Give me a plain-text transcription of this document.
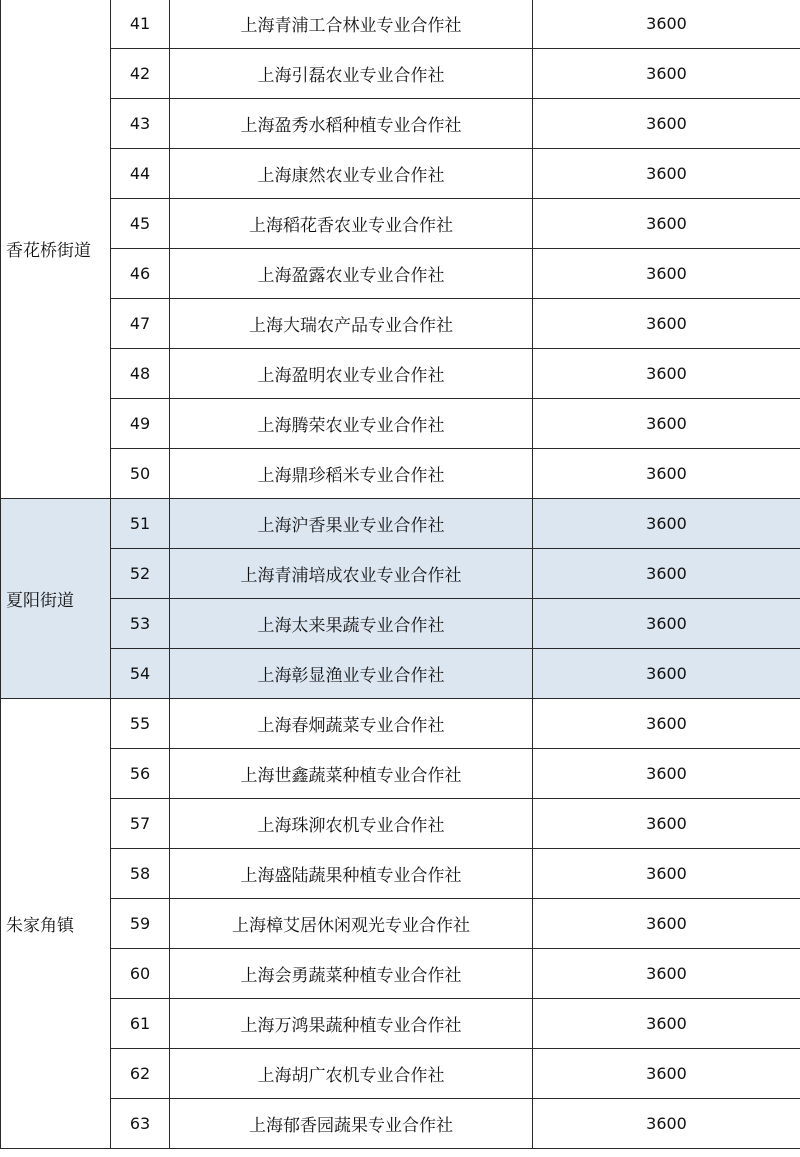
香花桥街道	41	上海青浦工合林业专业合作社	3600
	42	上海引磊农业专业合作社	3600
	43	上海盈秀水稻种植专业合作社	3600
	44	上海康然农业专业合作社	3600
	45	上海稻花香农业专业合作社	3600
	46	上海盈露农业专业合作社	3600
	47	上海大瑞农产品专业合作社	3600
	48	上海盈明农业专业合作社	3600
	49	上海腾荣农业专业合作社	3600
	50	上海鼎珍稻米专业合作社	3600
夏阳街道	51	上海沪香果业专业合作社	3600
	52	上海青浦培成农业专业合作社	3600
	53	上海太来果蔬专业合作社	3600
	54	上海彰显渔业专业合作社	3600
朱家角镇	55	上海春炯蔬菜专业合作社	3600
	56	上海世鑫蔬菜种植专业合作社	3600
	57	上海珠泖农机专业合作社	3600
	58	上海盛陆蔬果种植专业合作社	3600
	59	上海樟艾居休闲观光专业合作社	3600
	60	上海会勇蔬菜种植专业合作社	3600
	61	上海万鸿果蔬种植专业合作社	3600
	62	上海胡广农机专业合作社	3600
	63	上海郁香园蔬果专业合作社	3600
